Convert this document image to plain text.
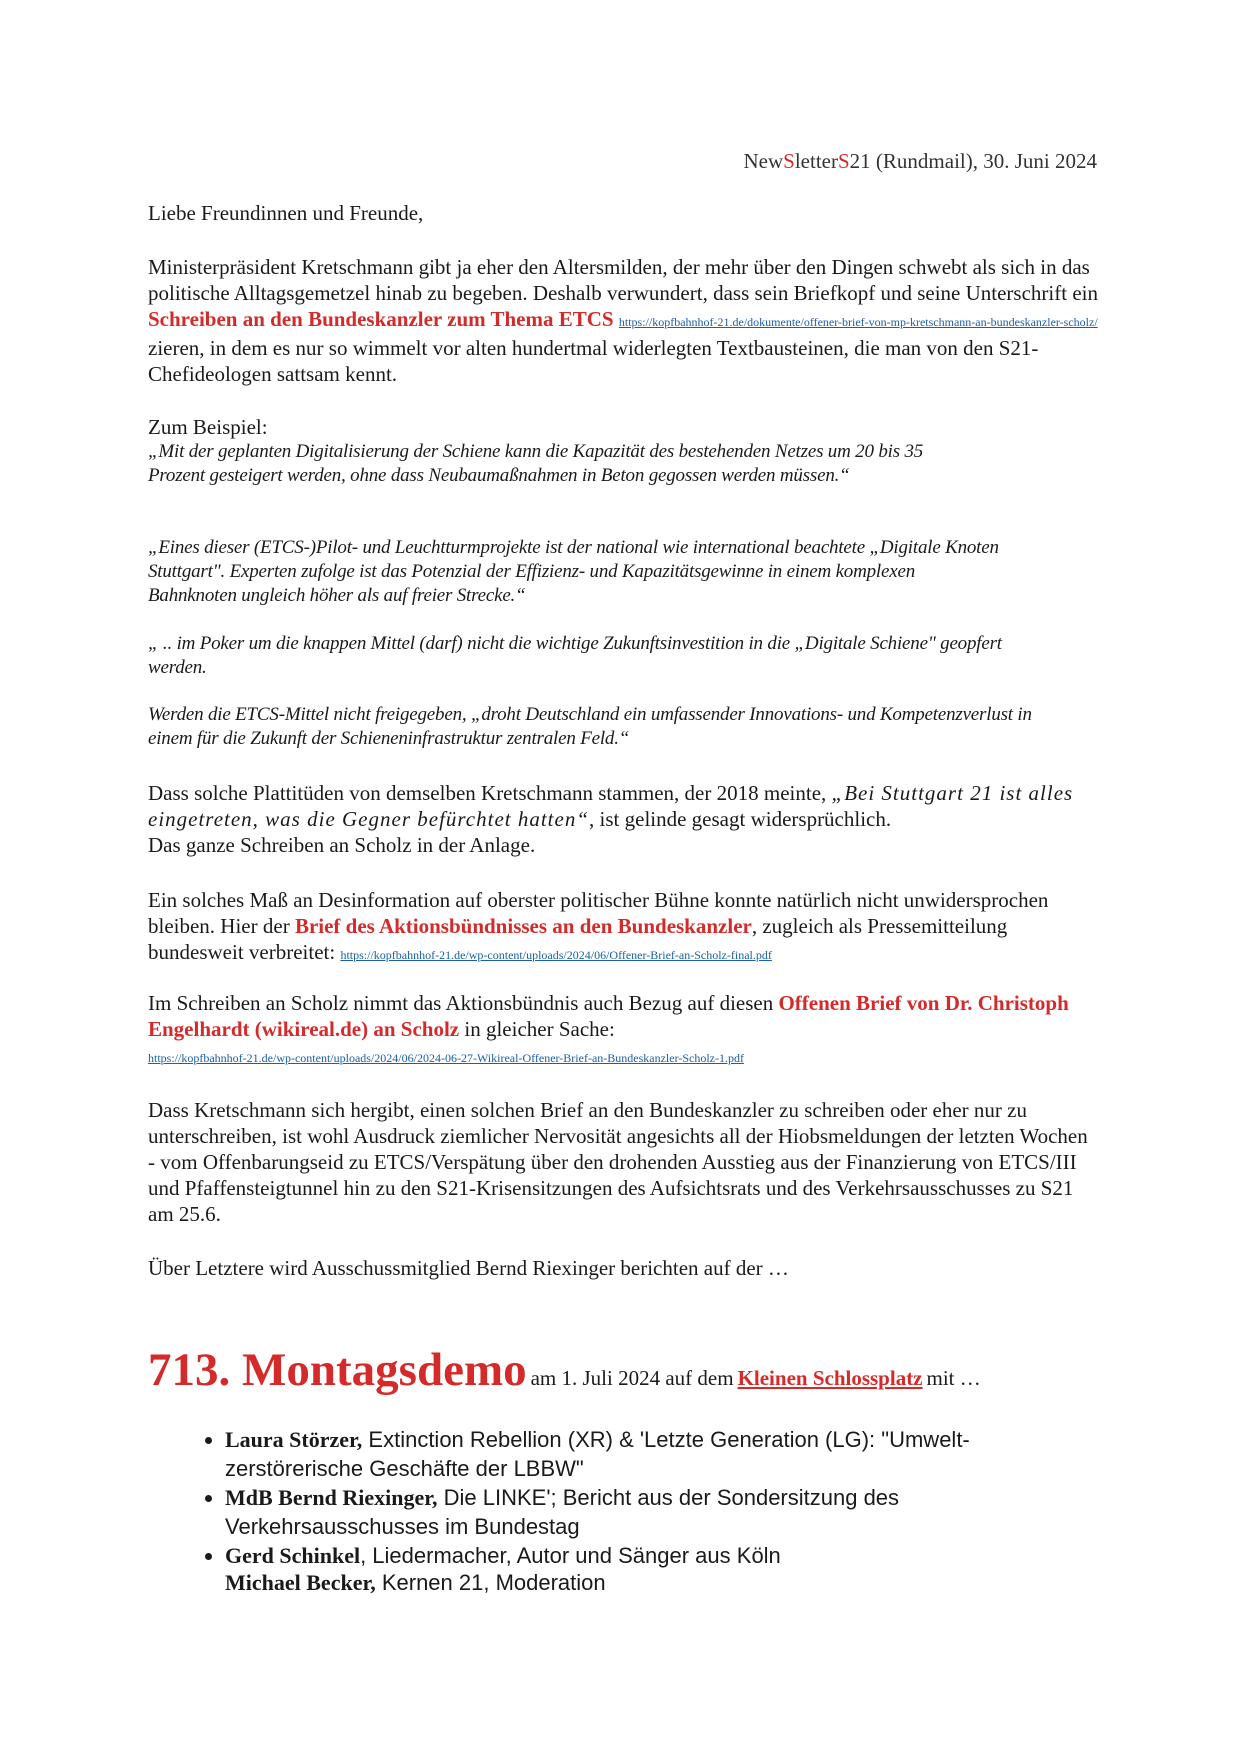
NewSletterS21 (Rundmail), 30. Juni 2024
Liebe Freundinnen und Freunde,
Ministerpräsident Kretschmann gibt ja eher den Altersmilden, der mehr über den Dingen schwebt als sich in das politische Alltagsgemetzel hinab zu begeben. Deshalb verwundert, dass sein Briefkopf und seine Unterschrift ein Schreiben an den Bundeskanzler zum Thema ETCS https://kopfbahnhof-21.de/dokumente/offener-brief-von-mp-kretschmann-an-bundeskanzler-scholz/ zieren, in dem es nur so wimmelt vor alten hundertmal widerlegten Textbausteinen, die man von den S21-Chefideologen sattsam kennt.
Zum Beispiel:
„Mit der geplanten Digitalisierung der Schiene kann die Kapazität des bestehenden Netzes um 20 bis 35 Prozent gesteigert werden, ohne dass Neubaumaßnahmen in Beton gegossen werden müssen.“
„Eines dieser (ETCS-)Pilot- und Leuchtturmprojekte ist der national wie international beachtete „Digitale Knoten Stuttgart". Experten zufolge ist das Potenzial der Effizienz- und Kapazitätsgewinne in einem komplexen Bahnknoten ungleich höher als auf freier Strecke.“
„ .. im Poker um die knappen Mittel (darf) nicht die wichtige Zukunftsinvestition in die „Digitale Schiene" geopfert werden.
Werden die ETCS-Mittel nicht freigegeben, „droht Deutschland ein umfassender Innovations- und Kompetenzverlust in einem für die Zukunft der Schieneninfrastruktur zentralen Feld.“
Dass solche Plattitüden von demselben Kretschmann stammen, der 2018 meinte, „Bei Stuttgart 21 ist alles eingetreten, was die Gegner befürchtet hatten“, ist gelinde gesagt widersprüchlich.
Das ganze Schreiben an Scholz in der Anlage.
Ein solches Maß an Desinformation auf oberster politischer Bühne konnte natürlich nicht unwidersprochen bleiben. Hier der Brief des Aktionsbündnisses an den Bundeskanzler, zugleich als Pressemitteilung bundesweit verbreitet: https://kopfbahnhof-21.de/wp-content/uploads/2024/06/Offener-Brief-an-Scholz-final.pdf
Im Schreiben an Scholz nimmt das Aktionsbündnis auch Bezug auf diesen Offenen Brief von Dr. Christoph Engelhardt (wikireal.de) an Scholz in gleicher Sache:
https://kopfbahnhof-21.de/wp-content/uploads/2024/06/2024-06-27-Wikireal-Offener-Brief-an-Bundeskanzler-Scholz-1.pdf
Dass Kretschmann sich hergibt, einen solchen Brief an den Bundeskanzler zu schreiben oder eher nur zu unterschreiben, ist wohl Ausdruck ziemlicher Nervosität angesichts all der Hiobsmeldungen der letzten Wochen - vom Offenbarungseid zu ETCS/Verspätung über den drohenden Ausstieg aus der Finanzierung von ETCS/III und Pfaffensteigtunnel hin zu den S21-Krisensitzungen des Aufsichtsrats und des Verkehrsausschusses zu S21 am 25.6.
Über Letztere wird Ausschussmitglied Bernd Riexinger berichten auf der …
713. Montagsdemo am 1. Juli 2024 auf dem Kleinen Schlossplatz mit …
• Laura Störzer, Extinction Rebellion (XR) & 'Letzte Generation (LG): "Umwelt-zerstörerische Geschäfte der LBBW"
• MdB Bernd Riexinger, Die LINKE'; Bericht aus der Sondersitzung des Verkehrsausschusses im Bundestag
• Gerd Schinkel, Liedermacher, Autor und Sänger aus Köln
Michael Becker, Kernen 21, Moderation
